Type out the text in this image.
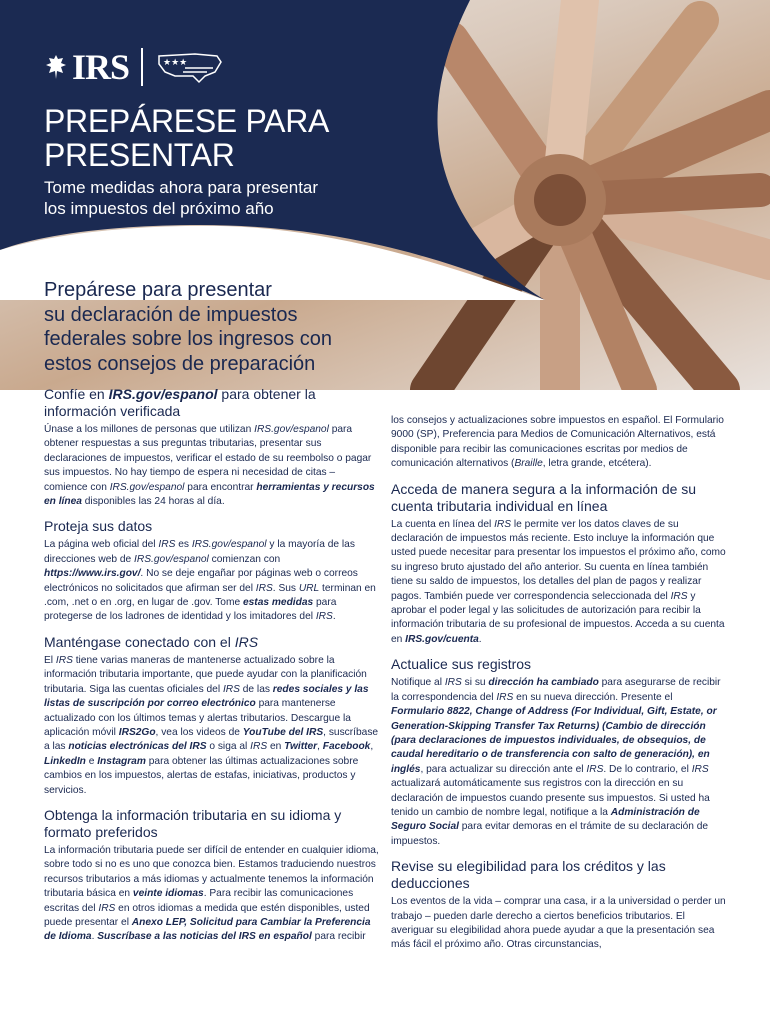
IRS	★★★
PREPÁRESE PARA
PRESENTAR
Tome medidas ahora para presentar
los impuestos del próximo año
Prepárese para presentar
su declaración de impuestos
federales sobre los ingresos con
estos consejos de preparación
Confíe en IRS.gov/espanol para obtener la información verificada

Únase a los millones de personas que utilizan IRS.gov/espanol para obtener respuestas a sus preguntas tributarias, presentar sus declaraciones de impuestos, verificar el estado de su reembolso o pagar sus impuestos. No hay tiempo de espera ni necesidad de citas – comience con IRS.gov/espanol para encontrar herramientas y recursos en línea disponibles las 24 horas al día.

Proteja sus datos

La página web oficial del IRS es IRS.gov/espanol y la mayoría de las direcciones web de IRS.gov/espanol comienzan con https://www.irs.gov/. No se deje engañar por páginas web o correos electrónicos no solicitados que afirman ser del IRS. Sus URL terminan en .com, .net o en .org, en lugar de .gov. Tome estas medidas para protegerse de los ladrones de identidad y los imitadores del IRS.

Manténgase conectado con el IRS

El IRS tiene varias maneras de mantenerse actualizado sobre la información tributaria importante, que puede ayudar con la planificación tributaria. Siga las cuentas oficiales del IRS de las redes sociales y las listas de suscripción por correo electrónico para mantenerse actualizado con los últimos temas y alertas tributarios. Descargue la aplicación móvil IRS2Go, vea los videos de YouTube del IRS, suscríbase a las noticias electrónicas del IRS o siga al IRS en Twitter, Facebook, LinkedIn e Instagram para obtener las últimas actualizaciones sobre cambios en los impuestos, alertas de estafas, iniciativas, productos y servicios.

Obtenga la información tributaria en su idioma y formato preferidos

La información tributaria puede ser difícil de entender en cualquier idioma, sobre todo si no es uno que conozca bien. Estamos traduciendo nuestros recursos tributarios a más idiomas y actualmente tenemos la información tributaria básica en veinte idiomas. Para recibir las comunicaciones escritas del IRS en otros idiomas a medida que estén disponibles, usted puede presentar el Anexo LEP, Solicitud para Cambiar la Preferencia de Idioma. Suscríbase a las noticias del IRS en español para recibir

los consejos y actualizaciones sobre impuestos en español. El Formulario 9000 (SP), Preferencia para Medios de Comunicación Alternativos, está disponible para recibir las comunicaciones escritas por medios de comunicación alternativos (Braille, letra grande, etcétera).

Acceda de manera segura a la información de su cuenta tributaria individual en línea

La cuenta en línea del IRS le permite ver los datos claves de su declaración de impuestos más reciente. Esto incluye la información que usted puede necesitar para presentar los impuestos el próximo año, como su ingreso bruto ajustado del año anterior. Su cuenta en línea también tiene su saldo de impuestos, los detalles del plan de pagos y realizar pagos. También puede ver correspondencia seleccionada del IRS y aprobar el poder legal y las solicitudes de autorización para recibir la información tributaria de su profesional de impuestos. Acceda a su cuenta en IRS.gov/cuenta.

Actualice sus registros

Notifique al IRS si su dirección ha cambiado para asegurarse de recibir la correspondencia del IRS en su nueva dirección. Presente el Formulario 8822, Change of Address (For Individual, Gift, Estate, or Generation-Skipping Transfer Tax Returns) (Cambio de dirección (para declaraciones de impuestos individuales, de obsequios, de caudal hereditario o de transferencia con salto de generación), en inglés, para actualizar su dirección ante el IRS. De lo contrario, el IRS actualizará automáticamente sus registros con la dirección en su declaración de impuestos cuando presente sus impuestos. Si usted ha tenido un cambio de nombre legal, notifique a la Administración de Seguro Social para evitar demoras en el trámite de su declaración de impuestos.

Revise su elegibilidad para los créditos y las deducciones

Los eventos de la vida – comprar una casa, ir a la universidad o perder un trabajo – pueden darle derecho a ciertos beneficios tributarios. El averiguar su elegibilidad ahora puede ayudar a que la presentación sea más fácil el próximo año. Otras circunstancias,
